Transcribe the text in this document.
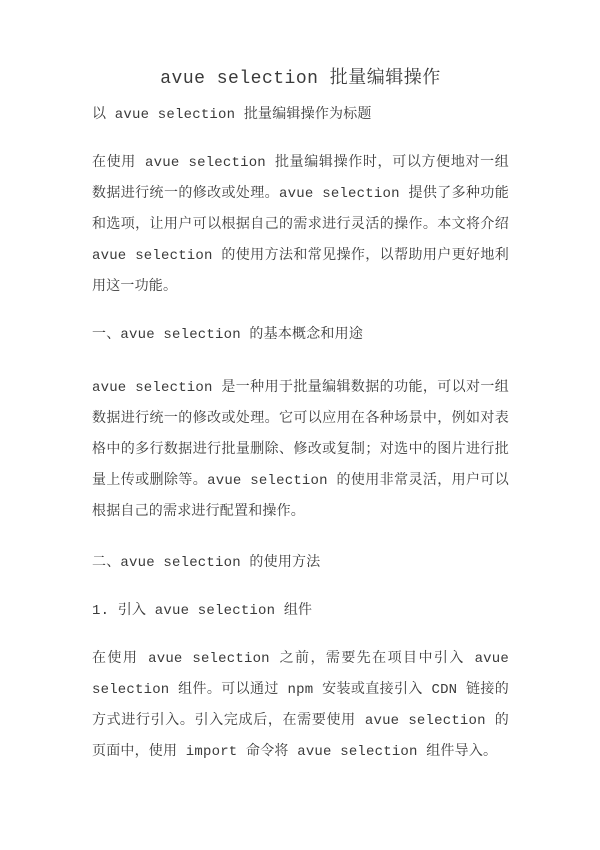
avue selection 批量编辑操作

以 avue selection 批量编辑操作为标题

在使用 avue selection 批量编辑操作时，可以方便地对一组数据进行统一的修改或处理。avue selection 提供了多种功能和选项，让用户可以根据自己的需求进行灵活的操作。本文将介绍 avue selection 的使用方法和常见操作，以帮助用户更好地利用这一功能。

一、avue selection 的基本概念和用途

avue selection 是一种用于批量编辑数据的功能，可以对一组数据进行统一的修改或处理。它可以应用在各种场景中，例如对表格中的多行数据进行批量删除、修改或复制；对选中的图片进行批量上传或删除等。avue selection 的使用非常灵活，用户可以根据自己的需求进行配置和操作。

二、avue selection 的使用方法

1. 引入 avue selection 组件

在使用 avue selection 之前，需要先在项目中引入 avue selection 组件。可以通过 npm 安装或直接引入 CDN 链接的方式进行引入。引入完成后，在需要使用 avue selection 的页面中，使用 import 命令将 avue selection 组件导入。
